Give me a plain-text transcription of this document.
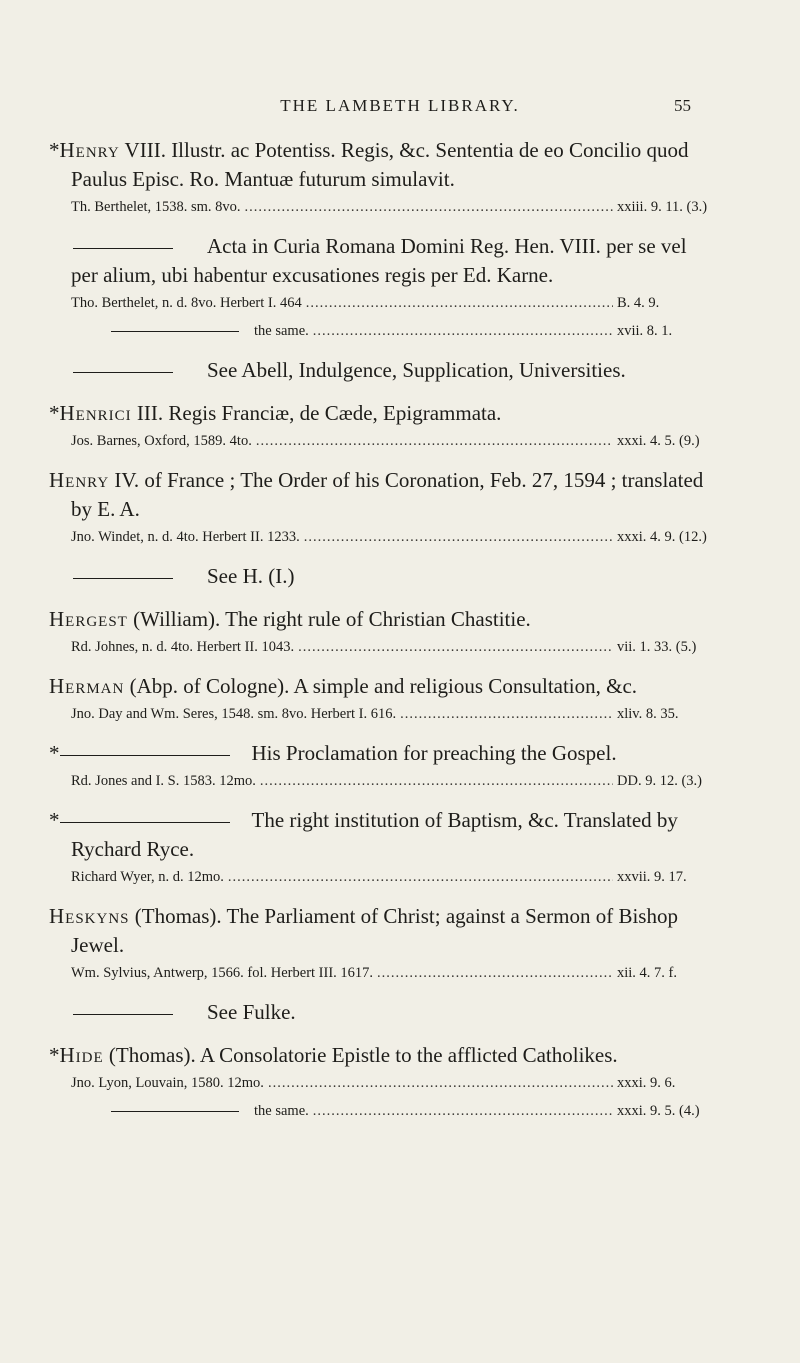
THE LAMBETH LIBRARY.	55
*Henry VIII. Illustr. ac Potentiss. Regis, &c. Sententia de eo Concilio quod Paulus Episc. Ro. Mantuæ futurum simulavit.
Th. Berthelet, 1538. sm. 8vo. .....	xxiii. 9. 11. (3.)
Acta in Curia Romana Domini Reg. Hen. VIII. per se vel per alium, ubi habentur excusationes regis per Ed. Karne.
Tho. Berthelet, n. d. 8vo. Herbert I. 464 .....	B. 4. 9.
the same. .....	xvii. 8. 1.
See Abell, Indulgence, Supplication, Universities.
*Henrici III. Regis Franciæ, de Cæde, Epigrammata.
Jos. Barnes, Oxford, 1589. 4to. .....	xxxi. 4. 5. (9.)
Henry IV. of France ; The Order of his Coronation, Feb. 27, 1594 ; translated by E. A.
Jno. Windet, n. d. 4to. Herbert II. 1233. .....	xxxi. 4. 9. (12.)
See H. (I.)
Hergest (William). The right rule of Christian Chastitie.
Rd. Johnes, n. d. 4to. Herbert II. 1043. .....	vii. 1. 33. (5.)
Herman (Abp. of Cologne). A simple and religious Consultation, &c.
Jno. Day and Wm. Seres, 1548. sm. 8vo. Herbert I. 616. .....	xliv. 8. 35.
*	His Proclamation for preaching the Gospel.
Rd. Jones and I. S. 1583. 12mo. .....	DD. 9. 12. (3.)
*	The right institution of Baptism, &c. Translated by Rychard Ryce.
Richard Wyer, n. d. 12mo. .....	xxvii. 9. 17.
Heskyns (Thomas). The Parliament of Christ; against a Sermon of Bishop Jewel.
Wm. Sylvius, Antwerp, 1566. fol. Herbert III. 1617. .....	xii. 4. 7. f.
See Fulke.
*Hide (Thomas). A Consolatorie Epistle to the afflicted Catholikes.
Jno. Lyon, Louvain, 1580. 12mo. .....	xxxi. 9. 6.
the same. .....	xxxi. 9. 5. (4.)
